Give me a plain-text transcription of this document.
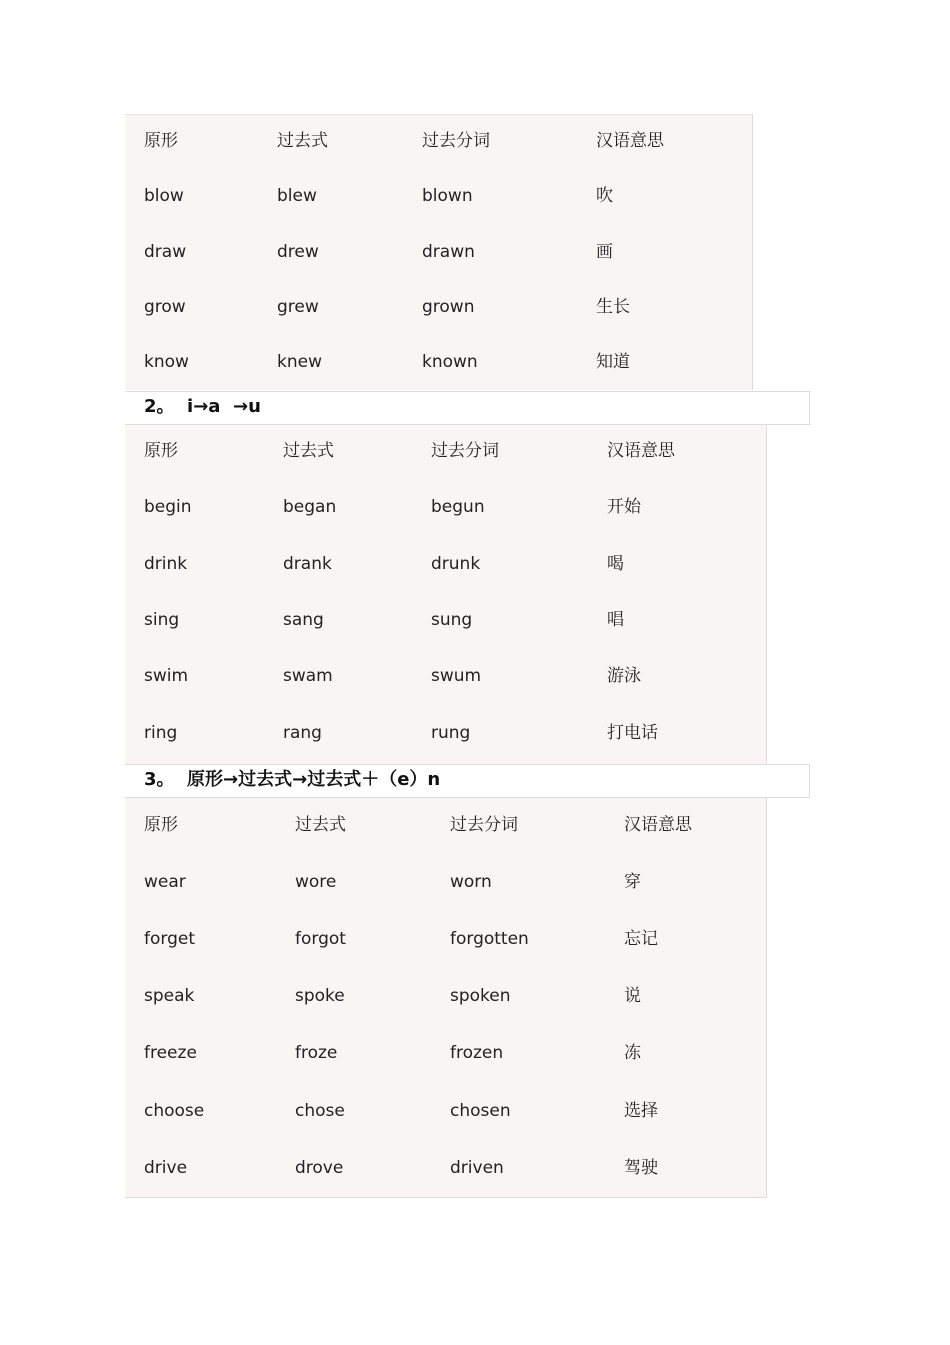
原形	过去式	过去分词	汉语意思
blow	blew	blown	吹
draw	drew	drawn	画
grow	grew	grown	生长
know	knew	known	知道
2。  i→a  →u
原形	过去式	过去分词	汉语意思
begin	began	begun	开始
drink	drank	drunk	喝
sing	sang	sung	唱
swim	swam	swum	游泳
ring	rang	rung	打电话
3。  原形→过去式→过去式＋（e）n
原形	过去式	过去分词	汉语意思
wear	wore	worn	穿
forget	forgot	forgotten	忘记
speak	spoke	spoken	说
freeze	froze	frozen	冻
choose	chose	chosen	选择
drive	drove	driven	驾驶
